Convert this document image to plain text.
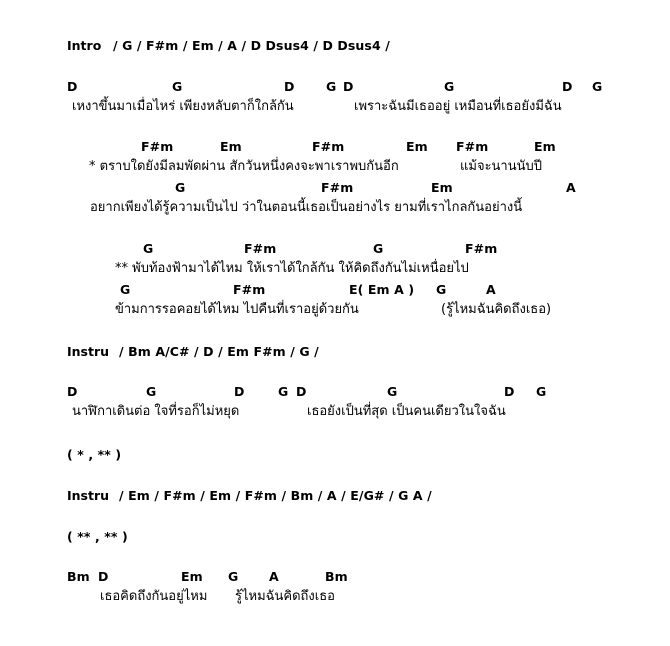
Intro / G / F#m / Em / A / D Dsus4 / D Dsus4 /
D	G	D	G D	G	D G
เหงาขึ้นมาเมื่อไหร่ เพียงหลับตาก็ใกล้กัน	เพราะฉันมีเธออยู่ เหมือนที่เธอยังมีฉัน
F#m	Em	F#m	Em F#m	Em
* ตราบใดยังมีลมพัดผ่าน สักวันหนึ่งคงจะพาเราพบกันอีก	แม้จะนานนับปี
G	F#m	Em	A
อยากเพียงได้รู้ความเป็นไป ว่าในตอนนี้เธอเป็นอย่างไร ยามที่เราไกลกันอย่างนี้
G	F#m	G	F#m
** พับท้องฟ้ามาได้ไหม ให้เราได้ใกล้กัน ให้คิดถึงกันไม่เหนื่อยไป
G	F#m	E( Em A ) G	A
ข้ามการรอคอยได้ไหม ไปคืนที่เราอยู่ด้วยกัน	(รู้ไหมฉันคิดถึงเธอ)
Instru / Bm A/C# / D / Em F#m / G /
D	G	D	G D	G	D G
นาฬิกาเดินต่อ ใจที่รอก็ไม่หยุด	เธอยังเป็นที่สุด เป็นคนเดียวในใจฉัน
( * , ** )
Instru / Em / F#m / Em / F#m / Bm / A / E/G# / G A /
( ** , ** )
Bm D	Em G A	Bm
เธอคิดถึงกันอยู่ไหม รู้ไหมฉันคิดถึงเธอ
